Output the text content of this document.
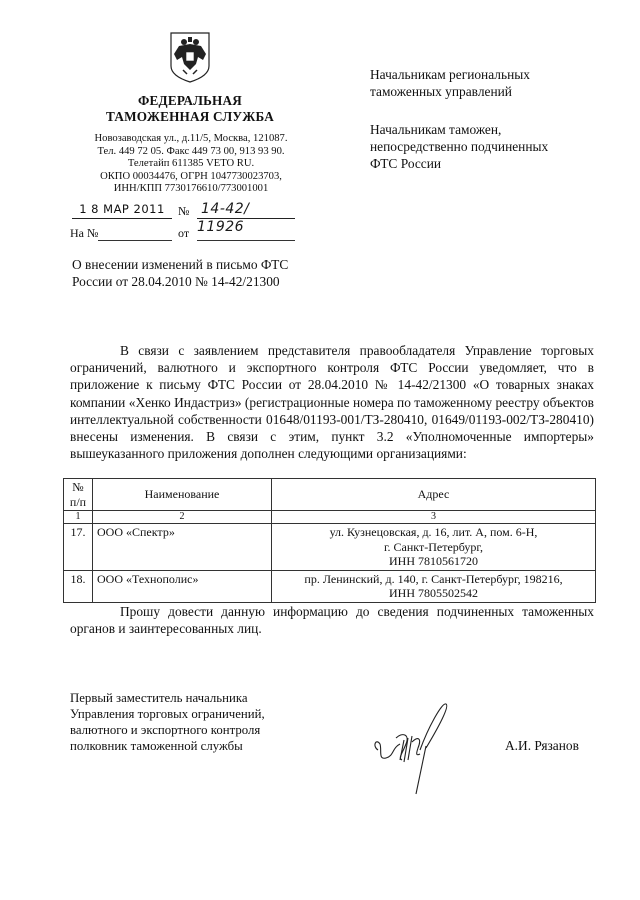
ФЕДЕРАЛЬНАЯ
ТАМОЖЕННАЯ СЛУЖБА
Новозаводская ул., д.11/5, Москва, 121087.
Тел. 449 72 05. Факс 449 73 00, 913 93 90.
Телетайп 611385 VETO RU.
ОКПО 00034476, ОГРН 1047730023703,
ИНН/КПП 7730176610/773001001
1 8 МАР 2011	№ 14-42/ 11926
На №	от
Начальникам региональных
таможенных управлений
Начальникам таможен,
непосредственно подчиненных
ФТС России
О внесении изменений в письмо ФТС
России от 28.04.2010 № 14-42/21300
В связи с заявлением представителя правообладателя Управление торговых ограничений, валютного и экспортного контроля ФТС России уведомляет, что в приложение к письму ФТС России от 28.04.2010 № 14-42/21300 «О товарных знаках компании «Хенко Индастриз» (регистрационные номера по таможенному реестру объектов интеллектуальной собственности 01648/01193-001/ТЗ-280410, 01649/01193-002/ТЗ-280410) внесены изменения. В связи с этим, пункт 3.2 «Уполномоченные импортеры» вышеуказанного приложения дополнен следующими организациями:
№ п/п	Наименование	Адрес
1	2	3
17.	ООО «Спектр»	ул. Кузнецовская, д. 16, лит. А, пом. 6-Н,
г. Санкт-Петербург,
ИНН 7810561720

18.	ООО «Технополис»	пр. Ленинский, д. 140, г. Санкт-Петербург, 198216,
ИНН 7805502542
Прошу довести данную информацию до сведения подчиненных таможенных органов и заинтересованных лиц.
Первый заместитель начальника
Управления торговых ограничений,
валютного и экспортного контроля
полковник таможенной службы	А.И. Рязанов
